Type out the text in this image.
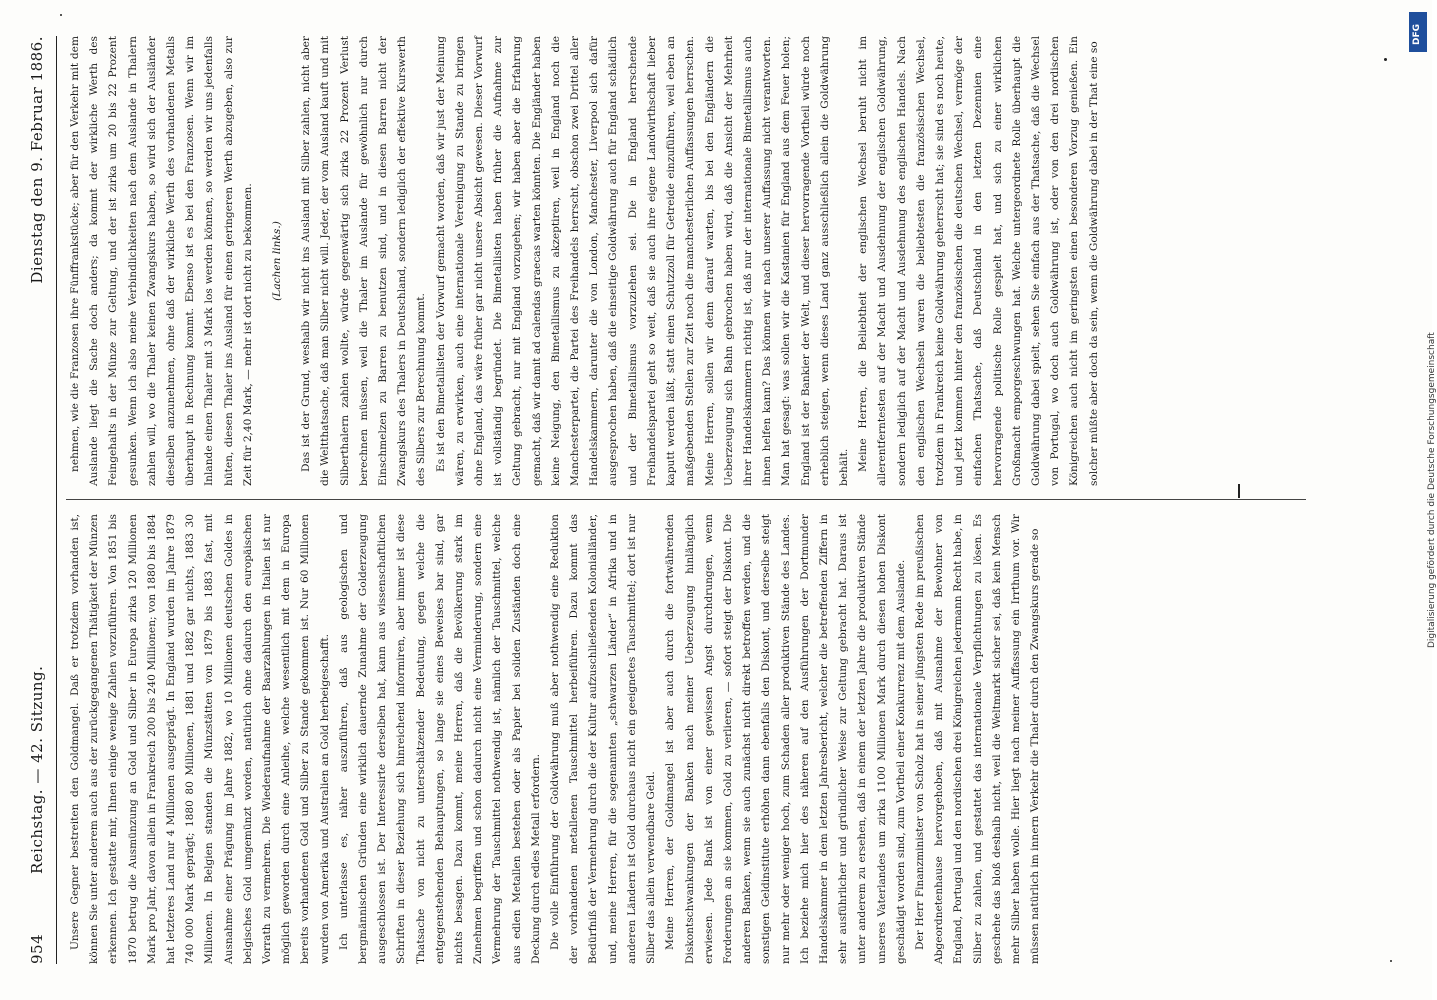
954
Reichstag. — 42. Sitzung.
Dienstag den 9. Februar 1886.

Unsere Gegner bestreiten den Goldmangel. Daß er trotzdem vorhanden ist, können Sie unter anderem auch aus der zurückgegangenen Thätigkeit der Münzen erkennen. Ich gestatte mir, Ihnen einige wenige Zahlen vorzuführen. Von 1851 bis 1870 betrug die Ausmünzung an Gold und Silber in Europa zirka 120 Millionen Mark pro Jahr, davon allein in Frankreich 200 bis 240 Millionen; von 1880 bis 1884 hat letzteres Land nur 4 Millionen ausgeprägt. In England wurden im Jahre 1879 740 000 Mark geprägt; 1880 80 Millionen, 1881 und 1882 gar nichts, 1883 30 Millionen. In Belgien standen die Münzstätten von 1879 bis 1883 fast, mit Ausnahme einer Prägung im Jahre 1882, wo 10 Millionen deutschen Goldes in belgisches Gold umgemünzt worden, natürlich ohne dadurch den europäischen Vorrath zu vermehren. Die Wiederaufnahme der Baarzahlungen in Italien ist nur möglich geworden durch eine Anleihe, welche wesentlich mit dem in Europa bereits vorhandenen Gold und Silber zu Stande gekommen ist. Nur 60 Millionen wurden von Amerika und Australien an Gold herbeigeschafft. Ich unterlasse es, näher auszuführen, daß aus geologischen und bergmännischen Gründen eine wirklich dauernde Zunahme der Golderzeugung ausgeschlossen ist. Der Interessirte derselben hat, kann aus wissenschaftlichen Schriften in dieser Beziehung sich hinreichend informiren, aber immer ist diese Thatsache von nicht zu unterschätzender Bedeutung, gegen welche die entgegenstehenden Behauptungen, so lange sie eines Beweises bar sind, gar nichts besagen. Dazu kommt, meine Herren, daß die Bevölkerung stark im Zunehmen begriffen und schon dadurch nicht eine Verminderung, sondern eine Vermehrung der Tauschmittel nothwendig ist, nämlich der Tauschmittel, welche aus edlen Metallen bestehen oder als Papier bei soliden Zuständen doch eine Deckung durch edles Metall erfordern. Die volle Einführung der Goldwährung muß aber nothwendig eine Reduktion der vorhandenen metallenen Tauschmittel herbeiführen. Dazu kommt das Bedürfniß der Vermehrung durch die der Kultur aufzuschließenden Kolonialländer, und, meine Herren, für die sogenannten „schwarzen Länder“ in Afrika und in anderen Ländern ist Gold durchaus nicht ein geeignetes Tauschmittel; dort ist nur Silber das allein verwendbare Geld. Meine Herren, der Goldmangel ist aber auch durch die fortwährenden Diskontschwankungen der Banken nach meiner Ueberzeugung hinlänglich erwiesen. Jede Bank ist von einer gewissen Angst durchdrungen, wenn Forderungen an sie kommen, Gold zu verlieren, — sofort steigt der Diskont. Die anderen Banken, wenn sie auch zunächst nicht direkt betroffen werden, und die sonstigen Geldinstitute erhöhen dann ebenfalls den Diskont, und derselbe steigt nur mehr oder weniger hoch, zum Schaden aller produktiven Stände des Landes. Ich beziehe mich hier des näheren auf den Ausführungen der Dortmunder Handelskammer in dem letzten Jahresbericht, welcher die betreffenden Ziffern in sehr ausführlicher und gründlicher Weise zur Geltung gebracht hat. Daraus ist unter anderem zu ersehen, daß in einem der letzten Jahre die produktiven Stände unseres Vaterlandes um zirka 1100 Millionen Mark durch diesen hohen Diskont geschädigt worden sind, zum Vortheil einer Konkurrenz mit dem Auslande. Der Herr Finanzminister von Scholz hat in seiner jüngsten Rede im preußischen Abgeordnetenhause hervorgehoben, daß mit Ausnahme der Bewohner von England, Portugal und den nordischen drei Königreichen jedermann Recht habe, in Silber zu zahlen, und gestattet das internationale Verpflichtungen zu lösen. Es geschehe das bloß deshalb nicht, weil die Weltmarkt sicher sei, daß kein Mensch mehr Silber haben wolle. Hier liegt nach meiner Auffassung ein Irrthum vor. Wir müssen natürlich im innern Verkehr die Thaler durch den Zwangskurs gerade so

nehmen, wie die Franzosen ihre Fünffrankstücke; aber für den Verkehr mit dem Auslande liegt die Sache doch anders; da kommt der wirkliche Werth des Feingehalts in der Münze zur Geltung, und der ist zirka um 20 bis 22 Prozent gesunken. Wenn ich also meine Verbindlichkeiten nach dem Auslande in Thalern zahlen will, wo die Thaler keinen Zwangskurs haben, so wird sich der Ausländer dieselben anzunehmen, ohne daß der wirkliche Werth des vorhandenen Metalls überhaupt in Rechnung kommt. Ebenso ist es bei den Franzosen. Wenn wir im Inlande einen Thaler mit 3 Mark los werden können, so werden wir uns jedenfalls hüten, diesen Thaler ins Ausland für einen geringeren Werth abzugeben, also zur Zeit für 2,40 Mark, — mehr ist dort nicht zu bekommen.	(Lachen links.)	Das ist der Grund, weshalb wir nicht ins Ausland mit Silber zahlen, nicht aber die Weltthatsache, daß man Silber nicht will. Jeder, der vom Ausland kauft und mit Silberthalern zahlen wollte, würde gegenwärtig sich zirka 22 Prozent Verlust berechnen müssen, weil die Thaler im Auslande für gewöhnlich nur durch Einschmelzen zu Barren zu benutzen sind, und in diesen Barren nicht der Zwangskurs des Thalers in Deutschland, sondern lediglich der effektive Kurswerth des Silbers zur Berechnung kommt. Es ist den Bimetallisten der Vorwurf gemacht worden, daß wir just der Meinung wären, zu erwirken, auch eine internationale Vereinigung zu Stande zu bringen ohne England, das wäre früher gar nicht unsere Absicht gewesen. Dieser Vorwurf ist vollständig begründet. Die Bimetallisten haben früher die Aufnahme zur Geltung gebracht, nur mit England vorzugehen; wir haben aber die Erfahrung gemacht, daß wir damit ad calendas graecas warten könnten. Die Engländer haben keine Neigung, den Bimetallismus zu akzeptiren, weil in England noch die Manchesterpartei, die Partei des Freihandels herrscht, obschon zwei Drittel aller Handelskammern, darunter die von London, Manchester, Liverpool sich dafür ausgesprochen haben, daß die einseitige Goldwährung auch für England schädlich und der Bimetallismus vorzuziehen sei. Die in England herrschende Freihandelspartei geht so weit, daß sie auch ihre eigene Landwirthschaft lieber kaputt werden läßt, statt einen Schutzzoll für Getreide einzuführen, weil eben an maßgebenden Stellen zur Zeit noch die manchesterlichen Auffassungen herrschen. Meine Herren, sollen wir denn darauf warten, bis bei den Engländern die Ueberzeugung sich Bahn gebrochen haben wird, daß die Ansicht der Mehrheit ihrer Handelskammern richtig ist, daß nur der internationale Bimetallismus auch ihnen helfen kann? Das können wir nach unserer Auffassung nicht verantworten. Man hat gesagt: was sollen wir die Kastanien für England aus dem Feuer holen; England ist der Bankier der Welt, und dieser hervorragende Vortheil würde noch erheblich steigen, wenn dieses Land ganz ausschließlich allein die Goldwährung behält. Meine Herren, die Beliebtheit der englischen Wechsel beruht nicht im allerentferntesten auf der Macht und Ausdehnung der englischen Goldwährung, sondern lediglich auf der Macht und Ausdehnung des englischen Handels. Nach den englischen Wechseln waren die beliebtesten die französischen Wechsel, trotzdem in Frankreich keine Goldwährung geherrscht hat; sie sind es noch heute, und jetzt kommen hinter den französischen die deutschen Wechsel, vermöge der einfachen Thatsache, daß Deutschland in den letzten Dezennien eine hervorragende politische Rolle gespielt hat, und sich zu einer wirklichen Großmacht emporgeschwungen hat. Welche untergeordnete Rolle überhaupt die Goldwährung dabei spielt, sehen Sie einfach aus der Thatsache, daß die Wechsel von Portugal, wo doch auch Goldwährung ist, oder von den drei nordischen Königreichen auch nicht im geringsten einen besonderen Vorzug genießen. Ein solcher müßte aber doch da sein, wenn die Goldwährung dabei in der That eine so

DFG
Digitalisierung gefördert durch die Deutsche Forschungsgemeinschaft
